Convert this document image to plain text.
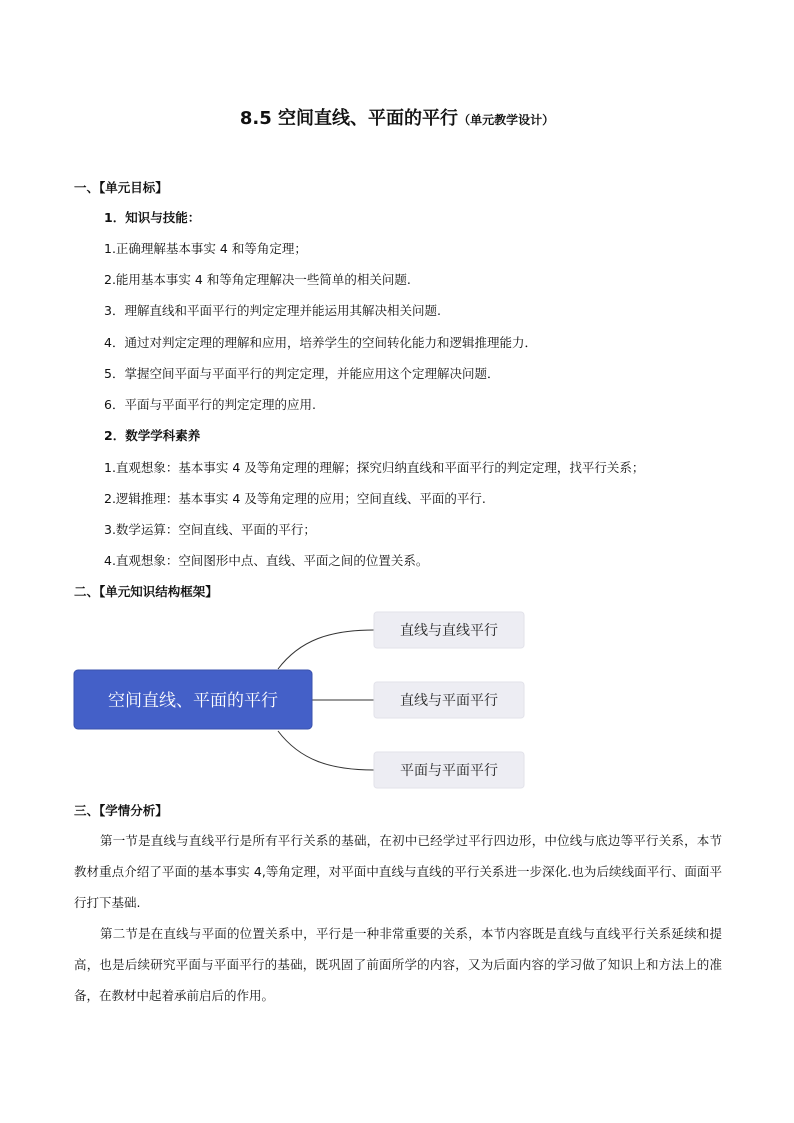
8.5 空间直线、平面的平行（单元教学设计）
一、【单元目标】
1．知识与技能：
1.正确理解基本事实 4 和等角定理；
2.能用基本事实 4 和等角定理解决一些简单的相关问题.
3．理解直线和平面平行的判定定理并能运用其解决相关问题.
4．通过对判定定理的理解和应用，培养学生的空间转化能力和逻辑推理能力．
5．掌握空间平面与平面平行的判定定理，并能应用这个定理解决问题．
6．平面与平面平行的判定定理的应用.
2．数学学科素养
1.直观想象：基本事实 4 及等角定理的理解；探究归纳直线和平面平行的判定定理，找平行关系；
2.逻辑推理：基本事实 4 及等角定理的应用；空间直线、平面的平行.
3.数学运算：空间直线、平面的平行；
4.直观想象：空间图形中点、直线、平面之间的位置关系。
二、【单元知识结构框架】
空间直线、平面的平行
直线与直线平行
直线与平面平行
平面与平面平行
三、【学情分析】
第一节是直线与直线平行是所有平行关系的基础，在初中已经学过平行四边形，中位线与底边等平行关系，本节教材重点介绍了平面的基本事实 4,等角定理，对平面中直线与直线的平行关系进一步深化.也为后续线面平行、面面平行打下基础.
第二节是在直线与平面的位置关系中，平行是一种非常重要的关系，本节内容既是直线与直线平行关系延续和提高，也是后续研究平面与平面平行的基础，既巩固了前面所学的内容，又为后面内容的学习做了知识上和方法上的准备，在教材中起着承前启后的作用。
